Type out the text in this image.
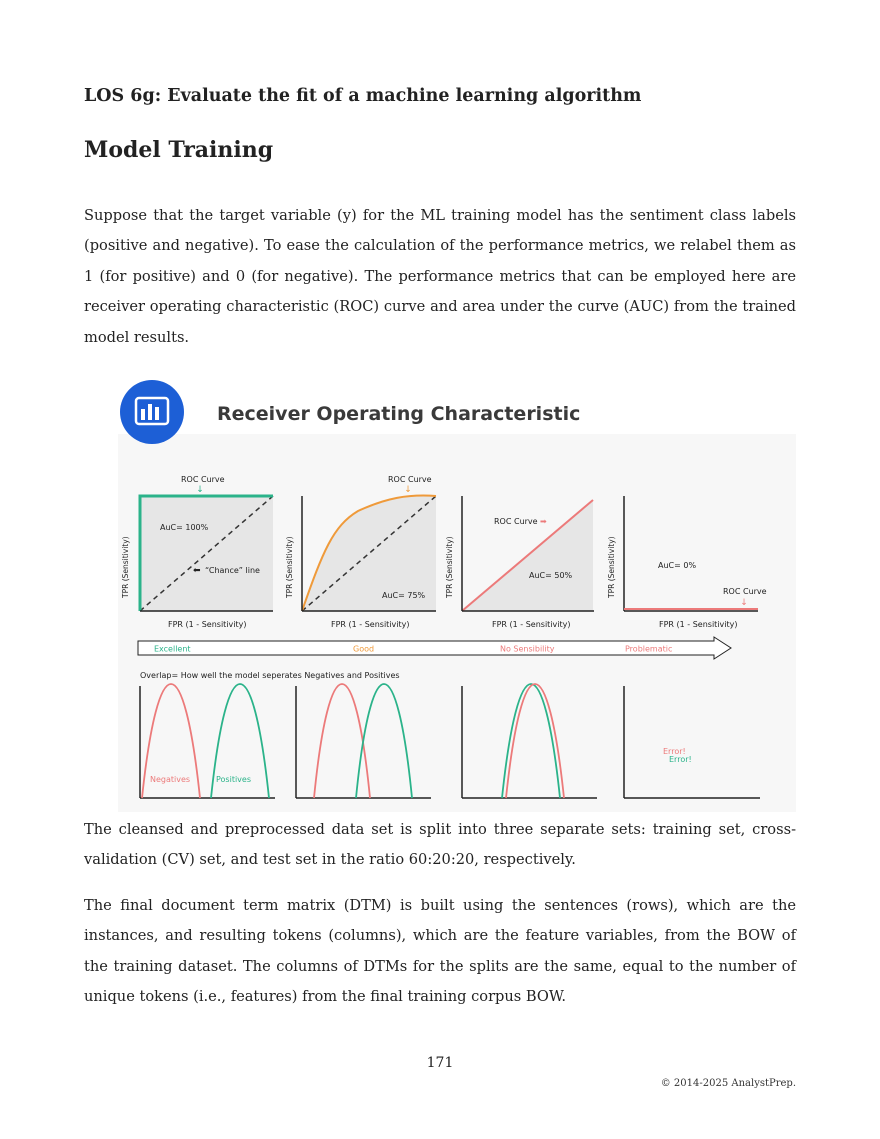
LOS 6g: Evaluate the fit of a machine learning algorithm
Model Training

Suppose that the target variable (y) for the ML training model has the sentiment class labels (positive and negative). To ease the calculation of the performance metrics, we relabel them as 1 (for positive) and 0 (for negative). The performance metrics that can be employed here are receiver operating characteristic (ROC) curve and area under the curve (AUC) from the trained model results.

Receiver Operating Characteristic
ROC Curve
↓
AuC= 100%
⬅ “Chance” line
TPR (Sensitivity)
FPR (1 - Sensitivity)
ROC Curve
↓
AuC= 75%
TPR (Sensitivity)
FPR (1 - Sensitivity)
ROC Curve ➡
AuC= 50%
TPR (Sensitivity)
FPR (1 - Sensitivity)
AuC= 0%
ROC Curve
↓
TPR (Sensitivity)
FPR (1 - Sensitivity)
Excellent	Good	No Sensibility	Problematic
Overlap= How well the model seperates Negatives and Positives
Negatives	Positives
Error!
Error!

The cleansed and preprocessed data set is split into three separate sets: training set, cross-validation (CV) set, and test set in the ratio 60:20:20, respectively.

The final document term matrix (DTM) is built using the sentences (rows), which are the instances, and resulting tokens (columns), which are the feature variables, from the BOW of the training dataset. The columns of DTMs for the splits are the same, equal to the number of unique tokens (i.e., features) from the final training corpus BOW.

171
© 2014-2025 AnalystPrep.
